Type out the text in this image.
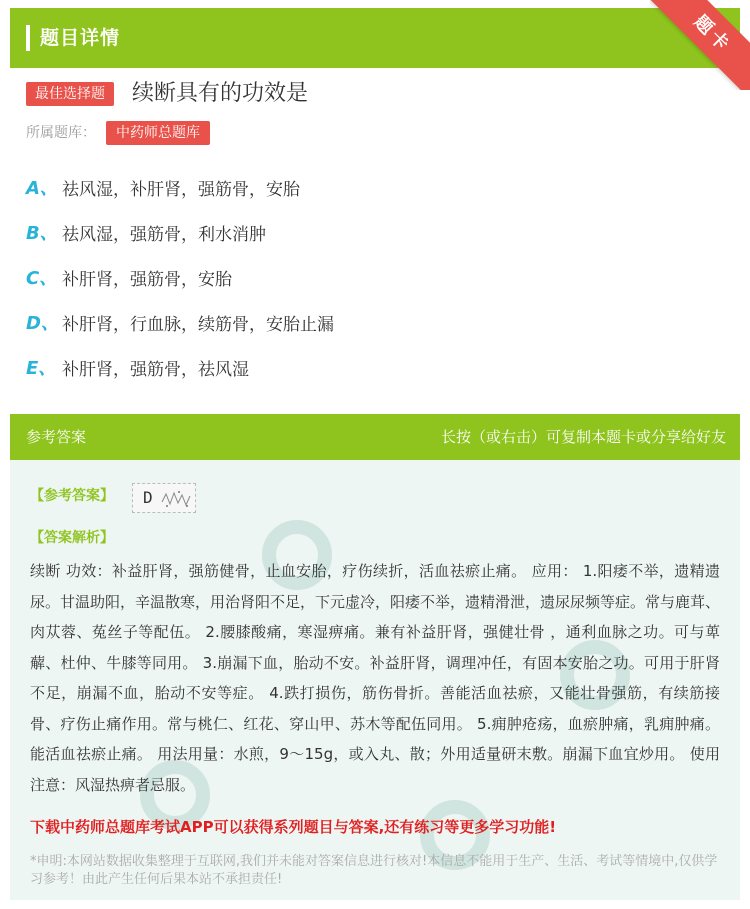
题目详情	题卡
最佳选择题	续断具有的功效是
所属题库：	中药师总题库
A、 祛风湿，补肝肾，强筋骨，安胎
B、 祛风湿，强筋骨，利水消肿
C、 补肝肾，强筋骨，安胎
D、 补肝肾，行血脉，续筋骨，安胎止漏
E、 补肝肾，强筋骨，祛风湿
参考答案	长按（或右击）可复制本题卡或分享给好友
【参考答案】 D
【答案解析】
续断 功效：补益肝肾，强筋健骨，止血安胎，疗伤续折，活血祛瘀止痛。 应用： 1.阳痿不举，遗精遗尿。甘温助阳，辛温散寒，用治肾阳不足，下元虚冷，阳痿不举，遗精滑泄，遗尿尿频等症。常与鹿茸、肉苁蓉、菟丝子等配伍。 2.腰膝酸痛，寒湿痹痛。兼有补益肝肾，强健壮骨 ，通利血脉之功。可与萆薢、杜仲、牛膝等同用。 3.崩漏下血，胎动不安。补益肝肾，调理冲任，有固本安胎之功。可用于肝肾不足，崩漏不血，胎动不安等症。 4.跌打损伤，筋伤骨折。善能活血祛瘀，又能壮骨强筋，有续筋接骨、疗伤止痛作用。常与桃仁、红花、穿山甲、苏木等配伍同用。 5.痈肿疮疡，血瘀肿痛，乳痈肿痛。能活血祛瘀止痛。 用法用量：水煎，9～15g，或入丸、散；外用适量研末敷。崩漏下血宜炒用。 使用注意：风湿热痹者忌服。
下载中药师总题库考试APP可以获得系列题目与答案,还有练习等更多学习功能!
*申明:本网站数据收集整理于互联网,我们并未能对答案信息进行核对!本信息不能用于生产、生活、考试等情境中,仅供学习参考！由此产生任何后果本站不承担责任!
